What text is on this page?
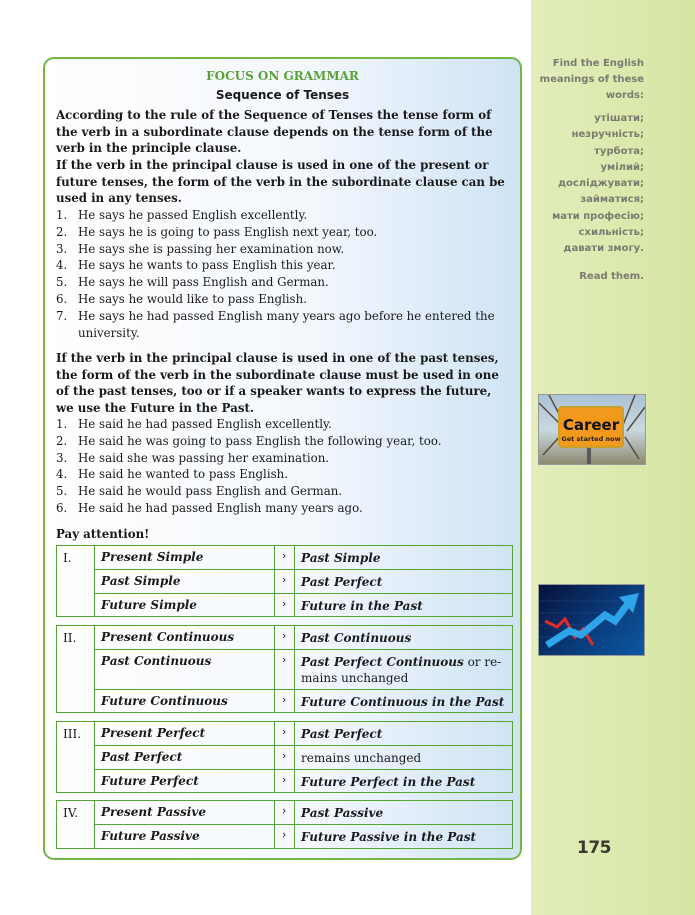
Find the English meanings of these words:
утішати;
незручність;
турбота;
умілий;
досліджувати;
займатися;
мати професію;
схильність;
давати змогу.
Read them.
Career
Get started now
175
FOCUS ON GRAMMAR
Sequence of Tenses
According to the rule of the Sequence of Tenses the tense form of the verb in a subordinate clause depends on the tense form of the verb in the principle clause.
If the verb in the principal clause is used in one of the present or future tenses, the form of the verb in the subordinate clause can be used in any tenses.
1. He says he passed English excellently.
2. He says he is going to pass English next year, too.
3. He says she is passing her examination now.
4. He says he wants to pass English this year.
5. He says he will pass English and German.
6. He says he would like to pass English.
7. He says he had passed English many years ago before he entered the university.
If the verb in the principal clause is used in one of the past tenses, the form of the verb in the subordinate clause must be used in one of the past tenses, too or if a speaker wants to express the future, we use the Future in the Past.
1. He said he had passed English excellently.
2. He said he was going to pass English the following year, too.
3. He said she was passing her examination.
4. He said he wanted to pass English.
5. He said he would pass English and German.
6. He said he had passed English many years ago.
Pay attention!
I.	Present Simple	›	Past Simple
Past Simple	›	Past Perfect
Future Simple	›	Future in the Past
II.	Present Continuous	›	Past Continuous
Past Continuous	›	Past Perfect Continuous or re-mains unchanged
Future Continuous	›	Future Continuous in the Past
III.	Present Perfect	›	Past Perfect
Past Perfect	›	remains unchanged
Future Perfect	›	Future Perfect in the Past
IV.	Present Passive	›	Past Passive
Future Passive	›	Future Passive in the Past
